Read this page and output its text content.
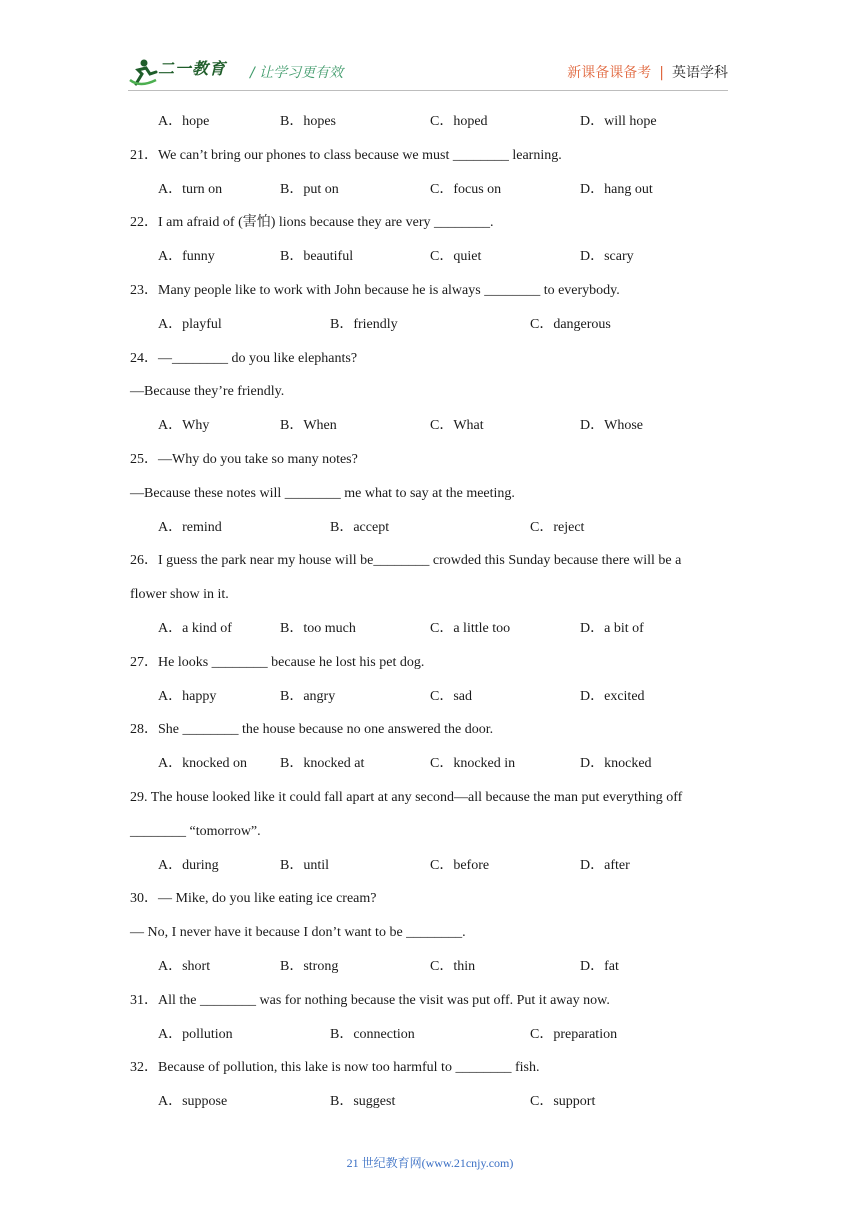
二一教育 / 让学习更有效	新课备课备考 | 英语学科
A．hope	B．hopes	C．hoped	D．will hope
21．We can’t bring our phones to class because we must ________ learning.
A．turn on	B．put on	C．focus on	D．hang out
22．I am afraid of (害怕) lions because they are very ________.
A．funny	B．beautiful	C．quiet	D．scary
23．Many people like to work with John because he is always ________ to everybody.
A．playful	B．friendly	C．dangerous
24．—________ do you like elephants?
—Because they’re friendly.
A．Why	B．When	C．What	D．Whose
25．—Why do you take so many notes?
—Because these notes will ________ me what to say at the meeting.
A．remind	B．accept	C．reject
26．I guess the park near my house will be________ crowded this Sunday because there will be a
flower show in it.
A．a kind of	B．too much	C．a little too	D．a bit of
27．He looks ________ because he lost his pet dog.
A．happy	B．angry	C．sad	D．excited
28．She ________ the house because no one answered the door.
A．knocked on B．knocked at	C．knocked in	D．knocked
29. The house looked like it could fall apart at any second—all because the man put everything off
________ “tomorrow”.
A．during	B．until	C．before	D．after
30．— Mike, do you like eating ice cream?
— No, I never have it because I don’t want to be ________.
A．short	B．strong	C．thin	D．fat
31．All the ________ was for nothing because the visit was put off. Put it away now.
A．pollution	B．connection	C．preparation
32．Because of pollution, this lake is now too harmful to ________ fish.
A．suppose	B．suggest	C．support
21 世纪教育网(www.21cnjy.com)
